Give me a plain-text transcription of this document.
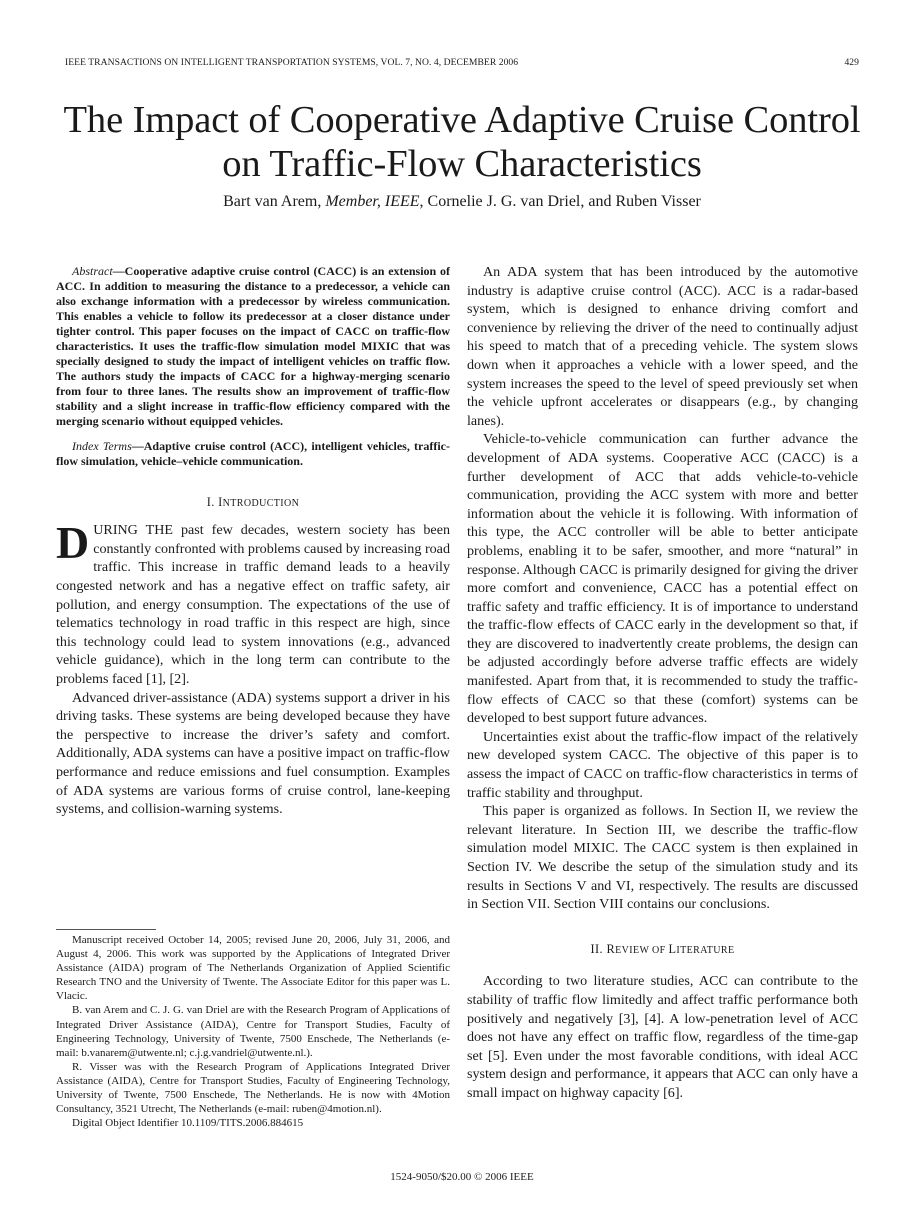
IEEE TRANSACTIONS ON INTELLIGENT TRANSPORTATION SYSTEMS, VOL. 7, NO. 4, DECEMBER 2006	429
The Impact of Cooperative Adaptive Cruise Control
on Traffic-Flow Characteristics
Bart van Arem, Member, IEEE, Cornelie J. G. van Driel, and Ruben Visser

Abstract—Cooperative adaptive cruise control (CACC) is an extension of ACC. In addition to measuring the distance to a predecessor, a vehicle can also exchange information with a predecessor by wireless communication. This enables a vehicle to follow its predecessor at a closer distance under tighter control. This paper focuses on the impact of CACC on traffic-flow characteristics. It uses the traffic-flow simulation model MIXIC that was specially designed to study the impact of intelligent vehicles on traffic flow. The authors study the impacts of CACC for a highway-merging scenario from four to three lanes. The results show an improvement of traffic-flow stability and a slight increase in traffic-flow efficiency compared with the merging scenario without equipped vehicles.

Index Terms—Adaptive cruise control (ACC), intelligent vehicles, traffic-flow simulation, vehicle–vehicle communication.

I. INTRODUCTION

DURING THE past few decades, western society has been constantly confronted with problems caused by increasing road traffic. This increase in traffic demand leads to a heavily congested network and has a negative effect on traffic safety, air pollution, and energy consumption. The expectations of the use of telematics technology in road traffic in this respect are high, since this technology could lead to system innovations (e.g., advanced vehicle guidance), which in the long term can contribute to the problems faced [1], [2].

Advanced driver-assistance (ADA) systems support a driver in his driving tasks. These systems are being developed because they have the perspective to increase the driver’s safety and comfort. Additionally, ADA systems can have a positive impact on traffic-flow performance and reduce emissions and fuel consumption. Examples of ADA systems are various forms of cruise control, lane-keeping systems, and collision-warning systems.

Manuscript received October 14, 2005; revised June 20, 2006, July 31, 2006, and August 4, 2006. This work was supported by the Applications of Integrated Driver Assistance (AIDA) program of The Netherlands Organization of Applied Scientific Research TNO and the University of Twente. The Associate Editor for this paper was L. Vlacic.

B. van Arem and C. J. G. van Driel are with the Research Program of Applications of Integrated Driver Assistance (AIDA), Centre for Transport Studies, Faculty of Engineering Technology, University of Twente, 7500 Enschede, The Netherlands (e-mail: b.vanarem@utwente.nl; c.j.g.vandriel@utwente.nl.).

R. Visser was with the Research Program of Applications Integrated Driver Assistance (AIDA), Centre for Transport Studies, Faculty of Engineering Technology, University of Twente, 7500 Enschede, The Netherlands. He is now with 4Motion Consultancy, 3521 Utrecht, The Netherlands (e-mail: ruben@4motion.nl).

Digital Object Identifier 10.1109/TITS.2006.884615

An ADA system that has been introduced by the automotive industry is adaptive cruise control (ACC). ACC is a radar-based system, which is designed to enhance driving comfort and convenience by relieving the driver of the need to continually adjust his speed to match that of a preceding vehicle. The system slows down when it approaches a vehicle with a lower speed, and the system increases the speed to the level of speed previously set when the vehicle upfront accelerates or disappears (e.g., by changing lanes).

Vehicle-to-vehicle communication can further advance the development of ADA systems. Cooperative ACC (CACC) is a further development of ACC that adds vehicle-to-vehicle communication, providing the ACC system with more and better information about the vehicle it is following. With information of this type, the ACC controller will be able to better anticipate problems, enabling it to be safer, smoother, and more “natural” in response. Although CACC is primarily designed for giving the driver more comfort and convenience, CACC has a potential effect on traffic safety and traffic efficiency. It is of importance to understand the traffic-flow effects of CACC early in the development so that, if they are discovered to inadvertently create problems, the design can be adjusted accordingly before adverse traffic effects are widely manifested. Apart from that, it is recommended to study the traffic-flow effects of CACC so that these (comfort) systems can be developed to best support future advances.

Uncertainties exist about the traffic-flow impact of the relatively new developed system CACC. The objective of this paper is to assess the impact of CACC on traffic-flow characteristics in terms of traffic stability and throughput.

This paper is organized as follows. In Section II, we review the relevant literature. In Section III, we describe the traffic-flow simulation model MIXIC. The CACC system is then explained in Section IV. We describe the setup of the simulation study and its results in Sections V and VI, respectively. The results are discussed in Section VII. Section VIII contains our conclusions.

II. REVIEW OF LITERATURE

According to two literature studies, ACC can contribute to the stability of traffic flow limitedly and affect traffic performance both positively and negatively [3], [4]. A low-penetration level of ACC does not have any effect on traffic flow, regardless of the time-gap set [5]. Even under the most favorable conditions, with ideal ACC system design and performance, it appears that ACC can only have a small impact on highway capacity [6].

1524-9050/$20.00 © 2006 IEEE
